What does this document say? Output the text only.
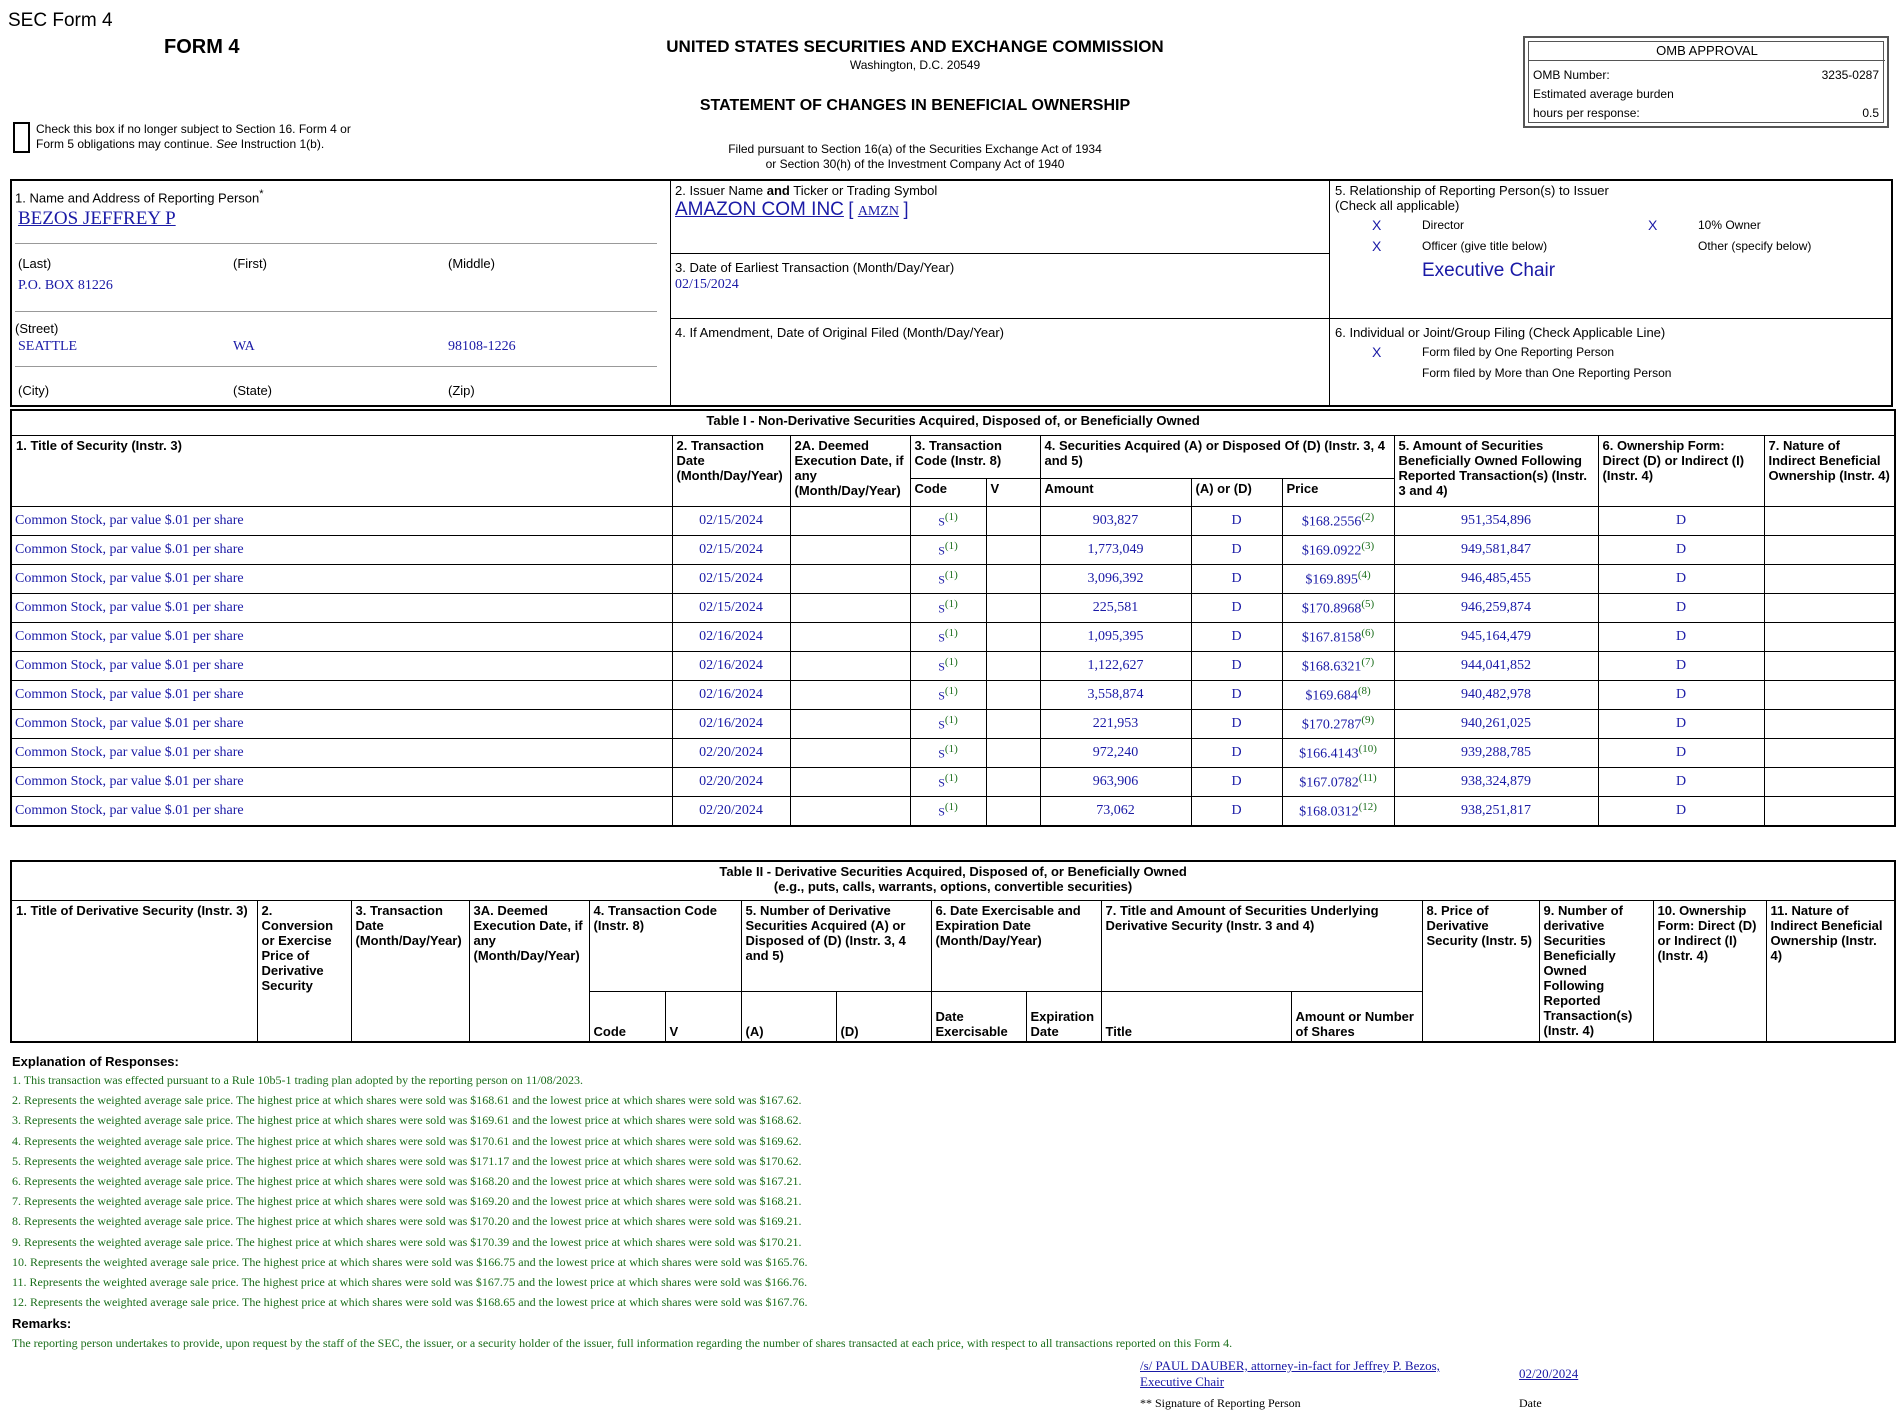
SEC Form 4
FORM 4	UNITED STATES SECURITIES AND EXCHANGE COMMISSION
Washington, D.C. 20549
STATEMENT OF CHANGES IN BENEFICIAL OWNERSHIP
Filed pursuant to Section 16(a) of the Securities Exchange Act of 1934
or Section 30(h) of the Investment Company Act of 1940
Check this box if no longer subject to Section 16. Form 4 or
Form 5 obligations may continue. See Instruction 1(b).
OMB APPROVAL
OMB Number:	3235-0287
Estimated average burden
hours per response:	0.5
1. Name and Address of Reporting Person*
BEZOS JEFFREY P
(Last)	(First)	(Middle)
P.O. BOX 81226
(Street)
SEATTLE	WA	98108-1226
(City)	(State)	(Zip)
2. Issuer Name and Ticker or Trading Symbol
AMAZON COM INC [ AMZN ]
3. Date of Earliest Transaction (Month/Day/Year)
02/15/2024
4. If Amendment, Date of Original Filed (Month/Day/Year)
5. Relationship of Reporting Person(s) to Issuer
(Check all applicable)
X	Director	X	10% Owner
X	Officer (give title below)	Other (specify below)
Executive Chair
6. Individual or Joint/Group Filing (Check Applicable Line)
X	Form filed by One Reporting Person
Form filed by More than One Reporting Person
Table I - Non-Derivative Securities Acquired, Disposed of, or Beneficially Owned										
1. Title of Security (Instr. 3)	2. Transaction Date (Month/Day/Year)	2A. Deemed Execution Date, if any (Month/Day/Year)	3. Transaction Code (Instr. 8)		4. Securities Acquired (A) or Disposed Of (D) (Instr. 3, 4 and 5)			5. Amount of Securities Beneficially Owned Following Reported Transaction(s) (Instr. 3 and 4)	6. Ownership Form: Direct (D) or Indirect (I) (Instr. 4)	7. Nature of Indirect Beneficial Ownership (Instr. 4)
			Code	V	Amount	(A) or (D)	Price			
Common Stock, par value $.01 per share	02/15/2024		$S^{(1)}$		903,827	D	$168.2556$^{(2)}$	951,354,896	D	
Common Stock, par value $.01 per share	02/15/2024		$S^{(1)}$		1,773,049	D	$169.0922$^{(3)}$	949,581,847	D	
Common Stock, par value $.01 per share	02/15/2024		$S^{(1)}$		3,096,392	D	$169.895$^{(4)}$	946,485,455	D	
Common Stock, par value $.01 per share	02/15/2024		$S^{(1)}$		225,581	D	$170.8968$^{(5)}$	946,259,874	D	
Common Stock, par value $.01 per share	02/16/2024		$S^{(1)}$		1,095,395	D	$167.8158$^{(6)}$	945,164,479	D	
Common Stock, par value $.01 per share	02/16/2024		$S^{(1)}$		1,122,627	D	$168.6321$^{(7)}$	944,041,852	D	
Common Stock, par value $.01 per share	02/16/2024		$S^{(1)}$		3,558,874	D	$169.684$^{(8)}$	940,482,978	D	
Common Stock, par value $.01 per share	02/16/2024		$S^{(1)}$		221,953	D	$170.2787$^{(9)}$	940,261,025	D	
Common Stock, par value $.01 per share	02/20/2024		$S^{(1)}$		972,240	D	$166.4143$^{(10)}$	939,288,785	D	
Common Stock, par value $.01 per share	02/20/2024		$S^{(1)}$		963,906	D	$167.0782$^{(11)}$	938,324,879	D	
Common Stock, par value $.01 per share	02/20/2024		$S^{(1)}$		73,062	D	$168.0312$^{(12)}$	938,251,817	D	
Table II - Derivative Securities Acquired, Disposed of, or Beneficially Owned
(e.g., puts, calls, warrants, options, convertible securities)															

1. Title of Derivative Security (Instr. 3)	2. Conversion or Exercise Price of Derivative Security	3. Transaction Date (Month/Day/Year)	3A. Deemed Execution Date, if any (Month/Day/Year)	4. Transaction Code (Instr. 8)		5. Number of Derivative Securities Acquired (A) or Disposed of (D) (Instr. 3, 4 and 5)		6. Date Exercisable and Expiration Date (Month/Day/Year)		7. Title and Amount of Securities Underlying Derivative Security (Instr. 3 and 4)		8. Price of Derivative Security (Instr. 5)	9. Number of derivative Securities Beneficially Owned Following Reported Transaction(s) (Instr. 4)	10. Ownership Form: Direct (D) or Indirect (I) (Instr. 4)	11. Nature of Indirect Beneficial Ownership (Instr. 4)
				Code	V	(A)	(D)	Date Exercisable	Expiration Date	Title	Amount or Number of Shares				
Explanation of Responses:
1. This transaction was effected pursuant to a Rule 10b5-1 trading plan adopted by the reporting person on 11/08/2023.
2. Represents the weighted average sale price. The highest price at which shares were sold was $168.61 and the lowest price at which shares were sold was $167.62.
3. Represents the weighted average sale price. The highest price at which shares were sold was $169.61 and the lowest price at which shares were sold was $168.62.
4. Represents the weighted average sale price. The highest price at which shares were sold was $170.61 and the lowest price at which shares were sold was $169.62.
5. Represents the weighted average sale price. The highest price at which shares were sold was $171.17 and the lowest price at which shares were sold was $170.62.
6. Represents the weighted average sale price. The highest price at which shares were sold was $168.20 and the lowest price at which shares were sold was $167.21.
7. Represents the weighted average sale price. The highest price at which shares were sold was $169.20 and the lowest price at which shares were sold was $168.21.
8. Represents the weighted average sale price. The highest price at which shares were sold was $170.20 and the lowest price at which shares were sold was $169.21.
9. Represents the weighted average sale price. The highest price at which shares were sold was $170.39 and the lowest price at which shares were sold was $170.21.
10. Represents the weighted average sale price. The highest price at which shares were sold was $166.75 and the lowest price at which shares were sold was $165.76.
11. Represents the weighted average sale price. The highest price at which shares were sold was $167.75 and the lowest price at which shares were sold was $166.76.
12. Represents the weighted average sale price. The highest price at which shares were sold was $168.65 and the lowest price at which shares were sold was $167.76.
Remarks:
The reporting person undertakes to provide, upon request by the staff of the SEC, the issuer, or a security holder of the issuer, full information regarding the number of shares transacted at each price, with respect to all transactions reported on this Form 4.
/s/ PAUL DAUBER, attorney-in-fact for Jeffrey P. Bezos,
Executive Chair
02/20/2024
** Signature of Reporting Person	Date
